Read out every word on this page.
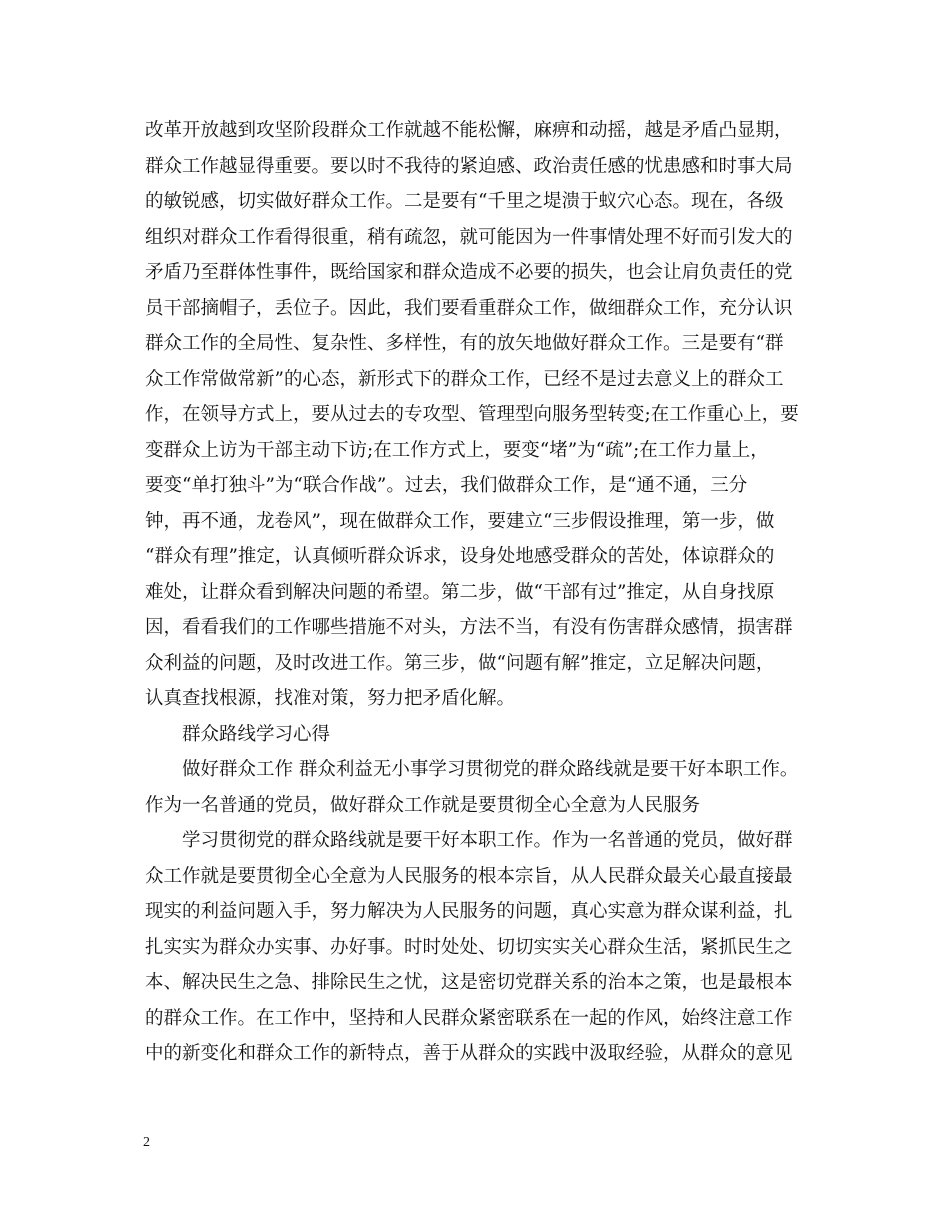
改革开放越到攻坚阶段群众工作就越不能松懈，麻痹和动摇，越是矛盾凸显期，
群众工作越显得重要。要以时不我待的紧迫感、政治责任感的忧患感和时事大局
的敏锐感，切实做好群众工作。二是要有“千里之堤溃于蚁穴心态。现在，各级
组织对群众工作看得很重，稍有疏忽，就可能因为一件事情处理不好而引发大的
矛盾乃至群体性事件，既给国家和群众造成不必要的损失，也会让肩负责任的党
员干部摘帽子，丢位子。因此，我们要看重群众工作，做细群众工作，充分认识
群众工作的全局性、复杂性、多样性，有的放矢地做好群众工作。三是要有“群
众工作常做常新”的心态，新形式下的群众工作，已经不是过去意义上的群众工
作，在领导方式上，要从过去的专攻型、管理型向服务型转变;在工作重心上，要
变群众上访为干部主动下访;在工作方式上，要变“堵”为“疏”;在工作力量上，
要变“单打独斗”为“联合作战”。过去，我们做群众工作，是“通不通，三分
钟，再不通，龙卷风”，现在做群众工作，要建立“三步假设推理，第一步，做
“群众有理”推定，认真倾听群众诉求，设身处地感受群众的苦处，体谅群众的
难处，让群众看到解决问题的希望。第二步，做“干部有过”推定，从自身找原
因，看看我们的工作哪些措施不对头，方法不当，有没有伤害群众感情，损害群
众利益的问题，及时改进工作。第三步，做“问题有解”推定，立足解决问题，
认真查找根源，找准对策，努力把矛盾化解。
群众路线学习心得
做好群众工作 群众利益无小事学习贯彻党的群众路线就是要干好本职工作。
作为一名普通的党员，做好群众工作就是要贯彻全心全意为人民服务
学习贯彻党的群众路线就是要干好本职工作。作为一名普通的党员，做好群
众工作就是要贯彻全心全意为人民服务的根本宗旨，从人民群众最关心最直接最
现实的利益问题入手，努力解决为人民服务的问题，真心实意为群众谋利益，扎
扎实实为群众办实事、办好事。时时处处、切切实实关心群众生活，紧抓民生之
本、解决民生之急、排除民生之忧，这是密切党群关系的治本之策，也是最根本
的群众工作。在工作中，坚持和人民群众紧密联系在一起的作风，始终注意工作
中的新变化和群众工作的新特点，善于从群众的实践中汲取经验，从群众的意见
2
